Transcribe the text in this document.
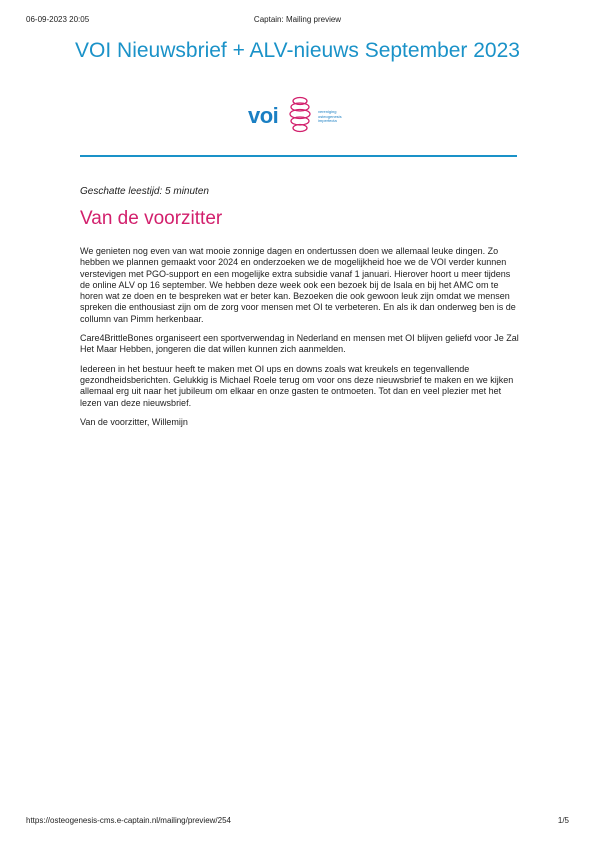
06-09-2023 20:05	Captain: Mailing preview
VOI Nieuwsbrief + ALV-nieuws September 2023
voi	vereniging
osteogenesis
imperfecta
Geschatte leestijd: 5 minuten
Van de voorzitter

We genieten nog even van wat mooie zonnige dagen en ondertussen doen we allemaal leuke dingen. Zo hebben we plannen gemaakt voor 2024 en onderzoeken we de mogelijkheid hoe we de VOI verder kunnen verstevigen met PGO-support en een mogelijke extra subsidie vanaf 1 januari. Hierover hoort u meer tijdens de online ALV op 16 september. We hebben deze week ook een bezoek bij de Isala en bij het AMC om te horen wat ze doen en te bespreken wat er beter kan. Bezoeken die ook gewoon leuk zijn omdat we mensen spreken die enthousiast zijn om de zorg voor mensen met OI te verbeteren. En als ik dan onderweg ben is de collumn van Pimm herkenbaar.

Care4BrittleBones organiseert een sportverwendag in Nederland en mensen met OI blijven geliefd voor Je Zal Het Maar Hebben, jongeren die dat willen kunnen zich aanmelden.

Iedereen in het bestuur heeft te maken met OI ups en downs zoals wat kreukels en tegenvallende gezondheidsberichten. Gelukkig is Michael Roele terug om voor ons deze nieuwsbrief te maken en we kijken allemaal erg uit naar het jubileum om elkaar en onze gasten te ontmoeten. Tot dan en veel plezier met het lezen van deze nieuwsbrief.

Van de voorzitter, Willemijn

https://osteogenesis-cms.e-captain.nl/mailing/preview/254	1/5
